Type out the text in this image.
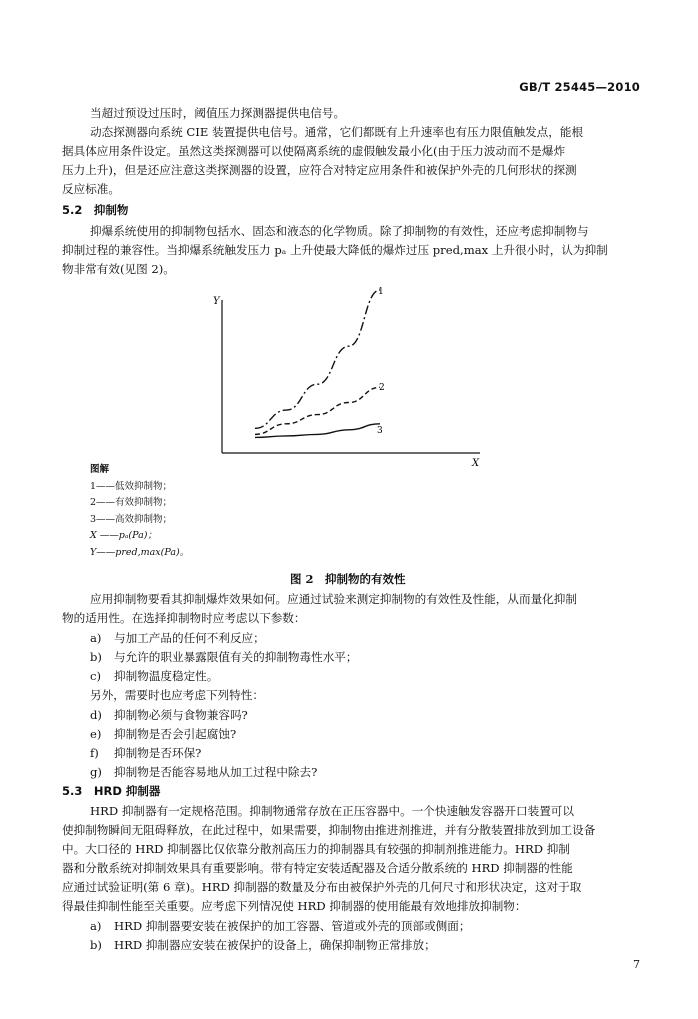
GB/T 25445—2010
当超过预设过压时，阈值压力探测器提供电信号。
动态探测器向系统 CIE 装置提供电信号。通常，它们都既有上升速率也有压力限值触发点，能根
据具体应用条件设定。虽然这类探测器可以使隔离系统的虚假触发最小化(由于压力波动而不是爆炸
压力上升)，但是还应注意这类探测器的设置，应符合对特定应用条件和被保护外壳的几何形状的探测
反应标准。
5.2　抑制物
抑爆系统使用的抑制物包括水、固态和液态的化学物质。除了抑制物的有效性，还应考虑抑制物与
抑制过程的兼容性。当抑爆系统触发压力 pₐ 上升使最大降低的爆炸过压 pred,max 上升很小时，认为抑制
物非常有效(见图 2)。
Y
X
1
2
3
图解
1——低效抑制物；
2——有效抑制物；
3——高效抑制物；
X ——pₐ(Pa)；
Y——pred,max(Pa)。
图 2　抑制物的有效性
应用抑制物要看其抑制爆炸效果如何。应通过试验来测定抑制物的有效性及性能，从而量化抑制
物的适用性。在选择抑制物时应考虑以下参数：
a) 与加工产品的任何不利反应；
b) 与允许的职业暴露限值有关的抑制物毒性水平；
c) 抑制物温度稳定性。
另外，需要时也应考虑下列特性：
d) 抑制物必须与食物兼容吗?
e) 抑制物是否会引起腐蚀?
f) 抑制物是否环保?
g) 抑制物是否能容易地从加工过程中除去?
5.3　HRD 抑制器
HRD 抑制器有一定规格范围。抑制物通常存放在正压容器中。一个快速触发容器开口装置可以
使抑制物瞬间无阻碍释放，在此过程中，如果需要，抑制物由推进剂推进，并有分散装置排放到加工设备
中。大口径的 HRD 抑制器比仅依靠分散剂高压力的抑制器具有较强的抑制剂推进能力。HRD 抑制
器和分散系统对抑制效果具有重要影响。带有特定安装适配器及合适分散系统的 HRD 抑制器的性能
应通过试验证明(第 6 章)。HRD 抑制器的数量及分布由被保护外壳的几何尺寸和形状决定，这对于取
得最佳抑制性能至关重要。应考虑下列情况使 HRD 抑制器的使用能最有效地排放抑制物：
a) HRD 抑制器要安装在被保护的加工容器、管道或外壳的顶部或侧面；
b) HRD 抑制器应安装在被保护的设备上，确保抑制物正常排放；
7
